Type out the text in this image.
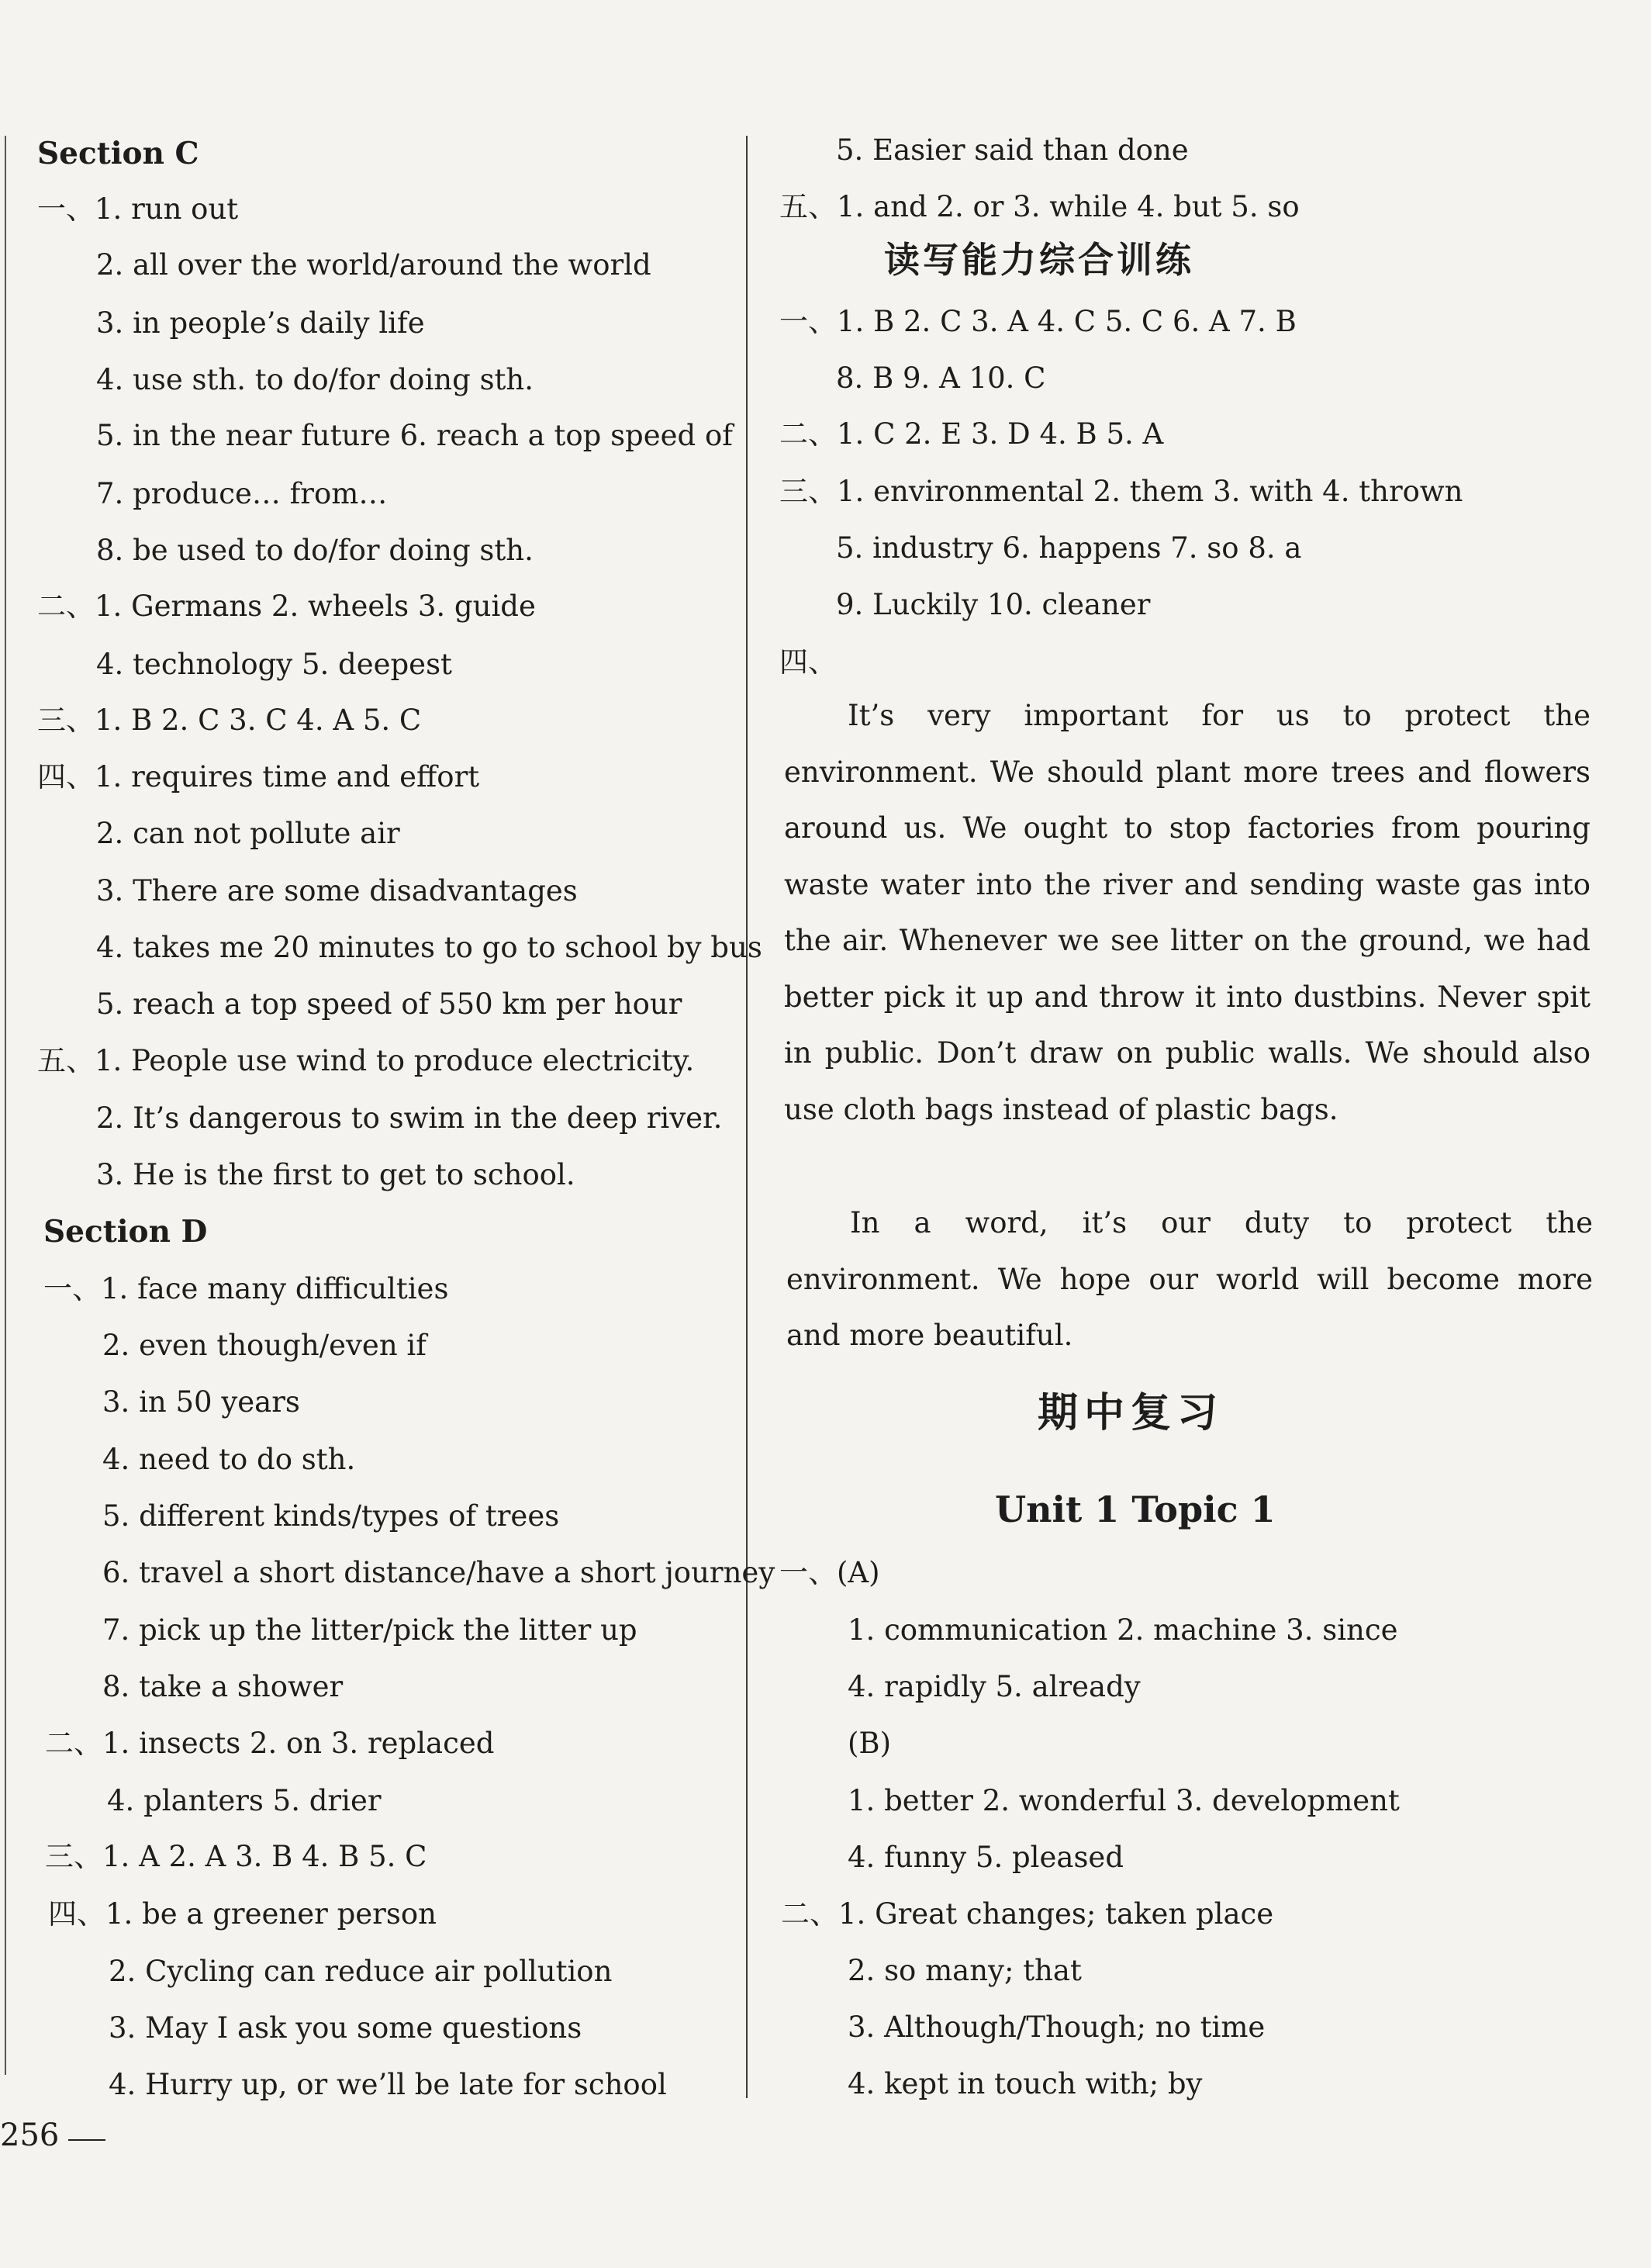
Section C
一、1. run out
2. all over the world/around the world
3. in people’s daily life
4. use sth. to do/for doing sth.
5. in the near future 6. reach a top speed of
7. produce… from…
8. be used to do/for doing sth.
二、1. Germans 2. wheels 3. guide
4. technology 5. deepest
三、1. B 2. C 3. C 4. A 5. C
四、1. requires time and effort
2. can not pollute air
3. There are some disadvantages
4. takes me 20 minutes to go to school by bus
5. reach a top speed of 550 km per hour
五、1. People use wind to produce electricity.
2. It’s dangerous to swim in the deep river.
3. He is the first to get to school.
Section D
一、1. face many difficulties
2. even though/even if
3. in 50 years
4. need to do sth.
5. different kinds/types of trees
6. travel a short distance/have a short journey
7. pick up the litter/pick the litter up
8. take a shower
二、1. insects 2. on 3. replaced
4. planters 5. drier
三、1. A 2. A 3. B 4. B 5. C
四、1. be a greener person
2. Cycling can reduce air pollution
3. May I ask you some questions
4. Hurry up, or we’ll be late for school
5. Easier said than done
五、1. and 2. or 3. while 4. but 5. so
读写能力综合训练
一、1. B 2. C 3. A 4. C 5. C 6. A 7. B
8. B 9. A 10. C
二、1. C 2. E 3. D 4. B 5. A
三、1. environmental 2. them 3. with 4. thrown
5. industry 6. happens 7. so 8. a
9. Luckily 10. cleaner
四、
It’s very important for us to protect the environment. We should plant more trees and flowers around us. We ought to stop factories from pouring waste water into the river and sending waste gas into the air. Whenever we see litter on the ground, we had better pick it up and throw it into dustbins. Never spit in public. Don’t draw on public walls. We should also use cloth bags instead of plastic bags.
In a word, it’s our duty to protect the environment. We hope our world will become more and more beautiful.
期中复习
Unit 1 Topic 1
一、(A)
1. communication 2. machine 3. since
4. rapidly 5. already
(B)
1. better 2. wonderful 3. development
4. funny 5. pleased
二、1. Great changes; taken place
2. so many; that
3. Although/Though; no time
4. kept in touch with; by
256
